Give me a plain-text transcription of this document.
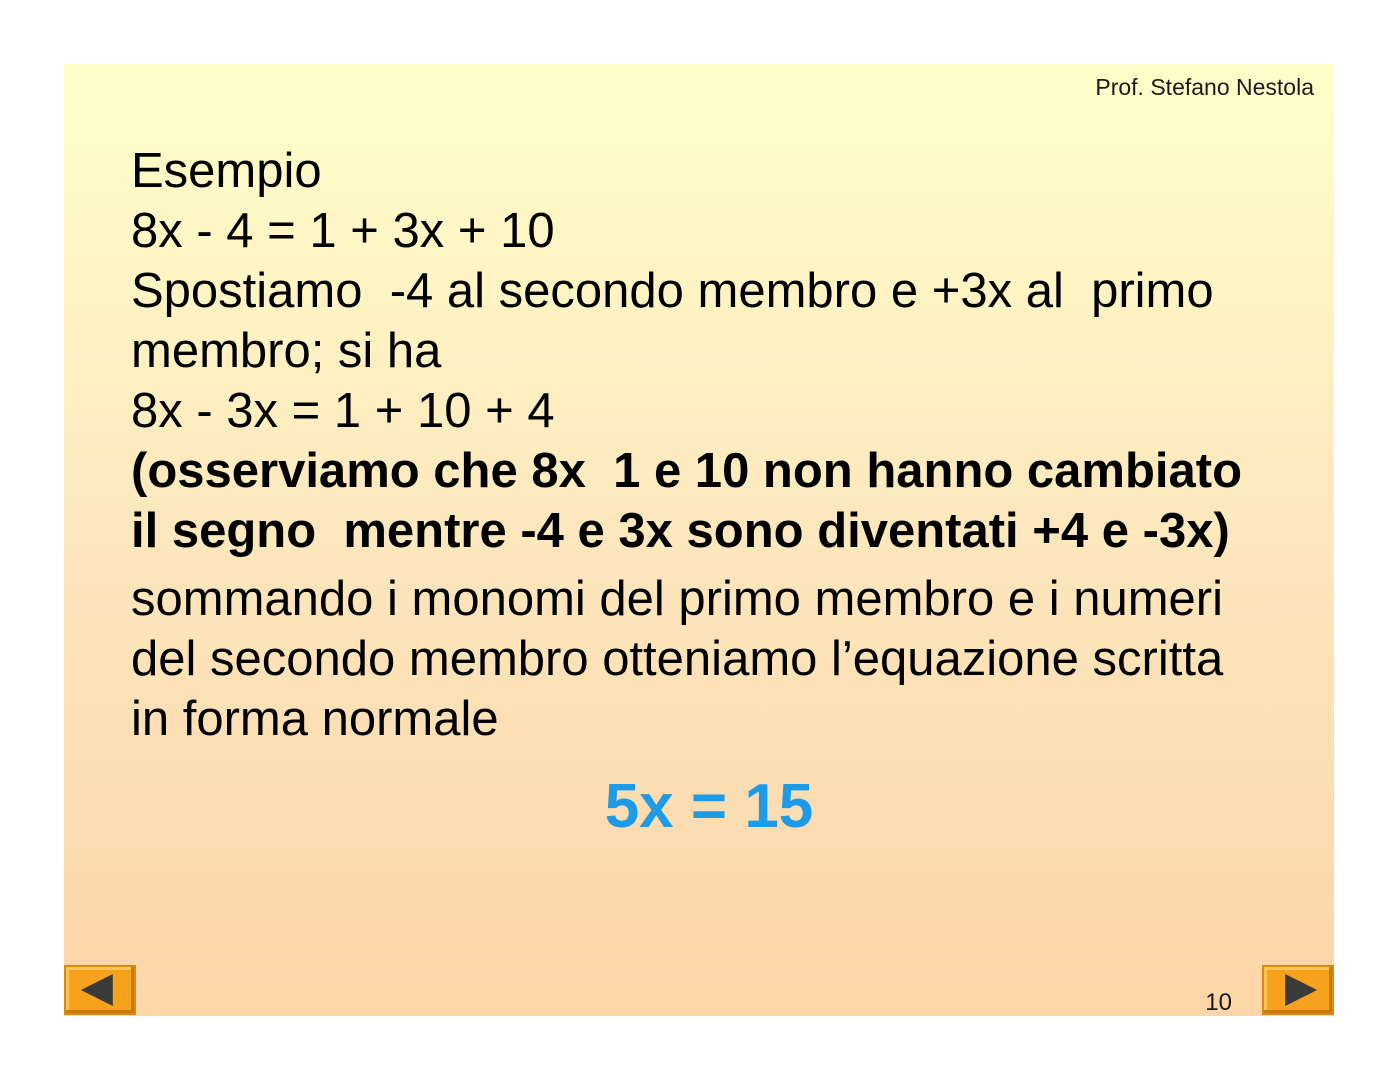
Prof. Stefano Nestola
Esempio
8x - 4 = 1 + 3x + 10
Spostiamo  -4 al secondo membro e +3x al  primo
membro; si ha
8x - 3x = 1 + 10 + 4
(osserviamo che 8x  1 e 10 non hanno cambiato
il segno  mentre -4 e 3x sono diventati +4 e -3x)
sommando i monomi del primo membro e i numeri
del secondo membro otteniamo l’equazione scritta
in forma normale
5x = 15
10
